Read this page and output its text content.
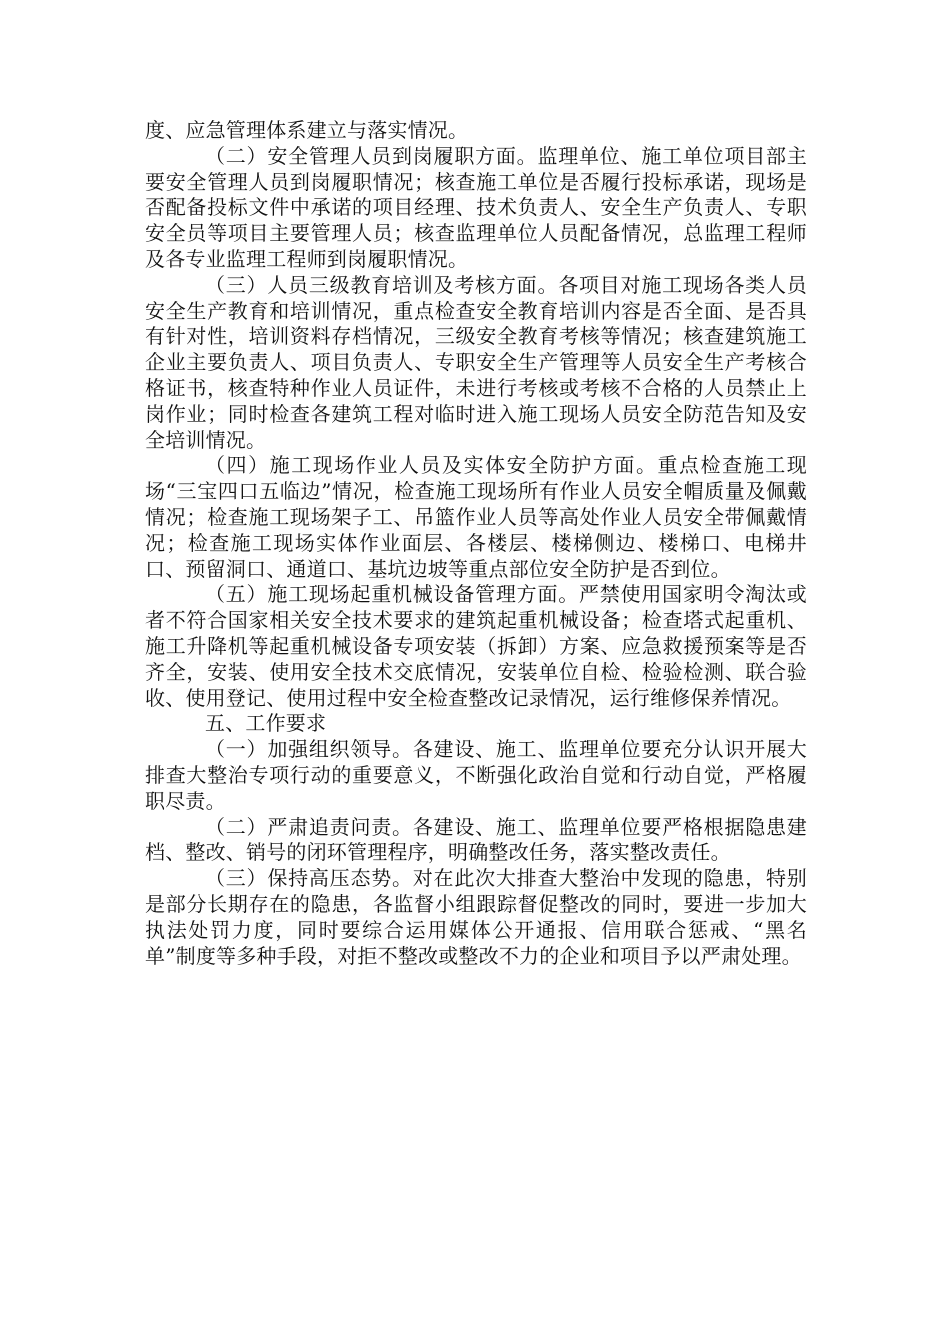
度、应急管理体系建立与落实情况。

（二）安全管理人员到岗履职方面。监理单位、施工单位项目部主要安全管理人员到岗履职情况；核查施工单位是否履行投标承诺，现场是否配备投标文件中承诺的项目经理、技术负责人、安全生产负责人、专职安全员等项目主要管理人员；核查监理单位人员配备情况，总监理工程师及各专业监理工程师到岗履职情况。

（三）人员三级教育培训及考核方面。各项目对施工现场各类人员安全生产教育和培训情况，重点检查安全教育培训内容是否全面、是否具有针对性，培训资料存档情况，三级安全教育考核等情况；核查建筑施工企业主要负责人、项目负责人、专职安全生产管理等人员安全生产考核合格证书，核查特种作业人员证件，未进行考核或考核不合格的人员禁止上岗作业；同时检查各建筑工程对临时进入施工现场人员安全防范告知及安全培训情况。

（四）施工现场作业人员及实体安全防护方面。重点检查施工现场“三宝四口五临边”情况，检查施工现场所有作业人员安全帽质量及佩戴情况；检查施工现场架子工、吊篮作业人员等高处作业人员安全带佩戴情况；检查施工现场实体作业面层、各楼层、楼梯侧边、楼梯口、电梯井口、预留洞口、通道口、基坑边坡等重点部位安全防护是否到位。

（五）施工现场起重机械设备管理方面。严禁使用国家明令淘汰或者不符合国家相关安全技术要求的建筑起重机械设备；检查塔式起重机、施工升降机等起重机械设备专项安装（拆卸）方案、应急救援预案等是否齐全，安装、使用安全技术交底情况，安装单位自检、检验检测、联合验收、使用登记、使用过程中安全检查整改记录情况，运行维修保养情况。

五、工作要求

（一）加强组织领导。各建设、施工、监理单位要充分认识开展大排查大整治专项行动的重要意义，不断强化政治自觉和行动自觉，严格履职尽责。

（二）严肃追责问责。各建设、施工、监理单位要严格根据隐患建档、整改、销号的闭环管理程序，明确整改任务，落实整改责任。

（三）保持高压态势。对在此次大排查大整治中发现的隐患，特别是部分长期存在的隐患，各监督小组跟踪督促整改的同时，要进一步加大执法处罚力度，同时要综合运用媒体公开通报、信用联合惩戒、“黑名单”制度等多种手段，对拒不整改或整改不力的企业和项目予以严肃处理。
